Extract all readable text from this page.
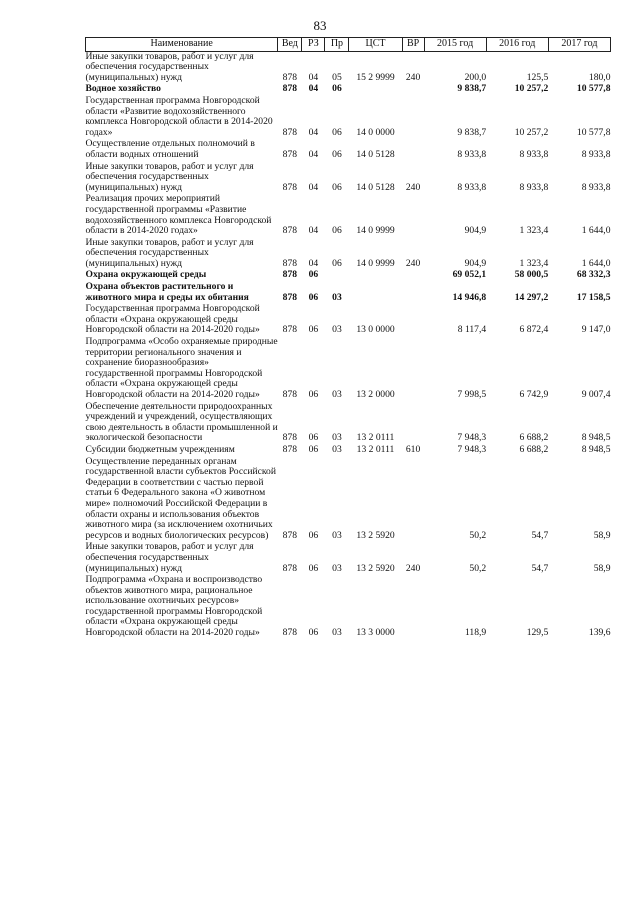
83
Наименование	Вед	РЗ	Пр	ЦСТ	ВР	2015 год	2016 год	2017 год
Иные закупки товаров, работ и услуг для обеспечения государственных (муниципальных) нужд	878	04	05	15 2 9999	240	200,0	125,5	180,0
Водное хозяйство	878	04	06			9 838,7	10 257,2	10 577,8
Государственная программа Новгородской области «Развитие водохозяйственного комплекса Новгородской области в 2014-2020 годах»	878	04	06	14 0 0000		9 838,7	10 257,2	10 577,8
Осуществление отдельных полномочий в области водных отношений	878	04	06	14 0 5128		8 933,8	8 933,8	8 933,8
Иные закупки товаров, работ и услуг для обеспечения государственных (муниципальных) нужд	878	04	06	14 0 5128	240	8 933,8	8 933,8	8 933,8
Реализация прочих мероприятий государственной программы «Развитие водохозяйственного комплекса Новгородской области в 2014-2020 годах»	878	04	06	14 0 9999		904,9	1 323,4	1 644,0
Иные закупки товаров, работ и услуг для обеспечения государственных (муниципальных) нужд	878	04	06	14 0 9999	240	904,9	1 323,4	1 644,0
Охрана окружающей среды	878	06				69 052,1	58 000,5	68 332,3
Охрана объектов растительного и животного мира и среды их обитания	878	06	03			14 946,8	14 297,2	17 158,5
Государственная программа Новгородской области «Охрана окружающей среды Новгородской области на 2014-2020 годы»	878	06	03	13 0 0000		8 117,4	6 872,4	9 147,0
Подпрограмма «Особо охраняемые природные территории регионального значения и сохранение биоразнообразия» государственной программы Новгородской области «Охрана окружающей среды Новгородской области на 2014-2020 годы»	878	06	03	13 2 0000		7 998,5	6 742,9	9 007,4
Обеспечение деятельности природоохранных учреждений и учреждений, осуществляющих свою деятельность в области промышленной и экологической безопасности	878	06	03	13 2 0111		7 948,3	6 688,2	8 948,5
Субсидии бюджетным учреждениям	878	06	03	13 2 0111	610	7 948,3	6 688,2	8 948,5
Осуществление переданных органам государственной власти субъектов Российской Федерации в соответствии с частью первой статьи 6 Федерального закона «О животном мире» полномочий Российской Федерации в области охраны и использования объектов животного мира (за исключением охотничьих ресурсов и водных биологических ресурсов)	878	06	03	13 2 5920		50,2	54,7	58,9
Иные закупки товаров, работ и услуг для обеспечения государственных (муниципальных) нужд	878	06	03	13 2 5920	240	50,2	54,7	58,9
Подпрограмма «Охрана и воспроизводство объектов животного мира, рациональное использование охотничьих ресурсов» государственной программы Новгородской области «Охрана окружающей среды Новгородской области на 2014-2020 годы»	878	06	03	13 3 0000		118,9	129,5	139,6
